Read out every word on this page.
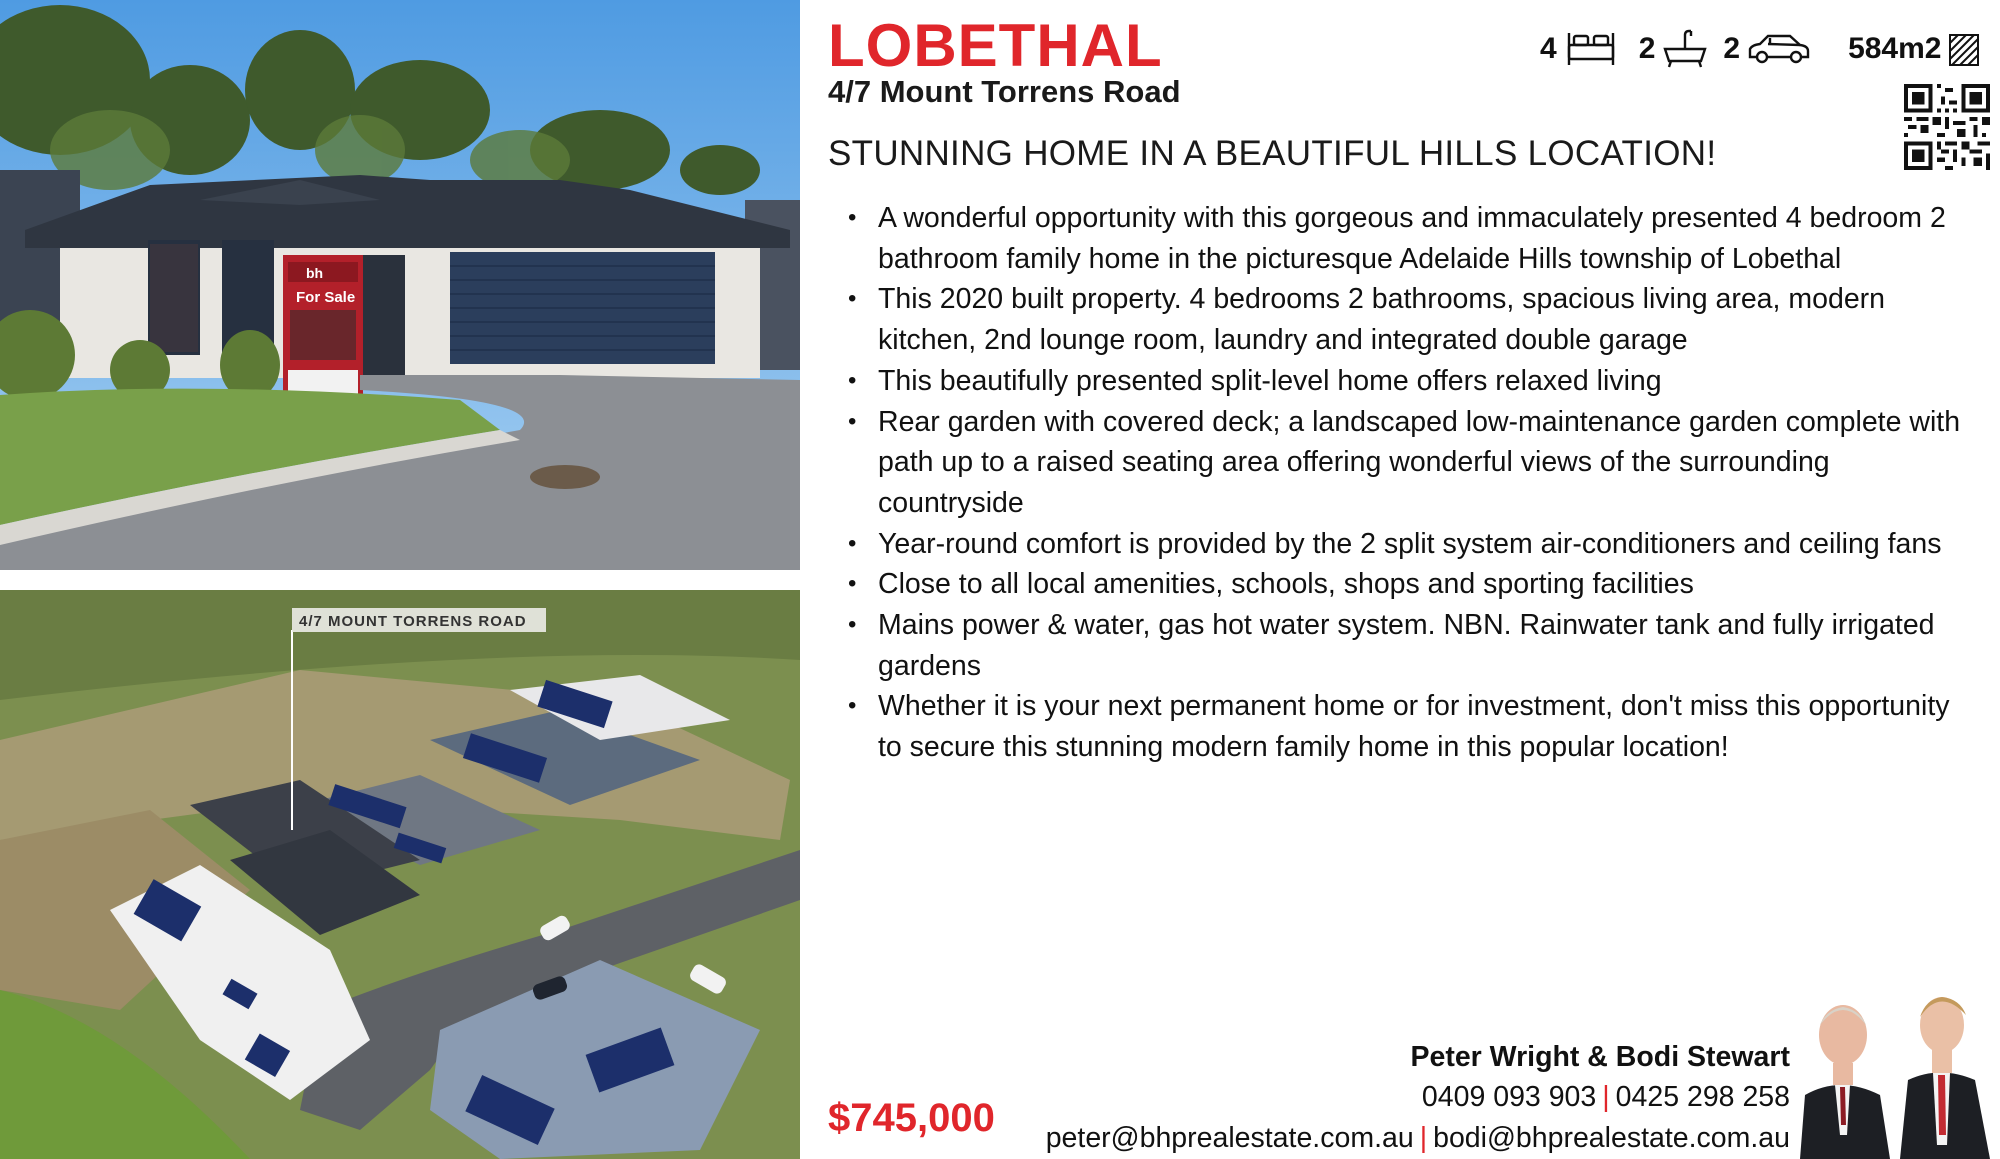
bh
For Sale
4/7 MOUNT TORRENS ROAD
LOBETHAL
4/7 Mount Torrens Road
STUNNING HOME IN A BEAUTIFUL HILLS LOCATION!
4	2 2	584m2
• A wonderful opportunity with this gorgeous and immaculately presented 4 bedroom 2 bathroom family home in the picturesque Adelaide Hills township of Lobethal
• This 2020 built property. 4 bedrooms 2 bathrooms, spacious living area, modern kitchen, 2nd lounge room, laundry and integrated double garage
• This beautifully presented split-level home offers relaxed living
• Rear garden with covered deck; a landscaped low-maintenance garden complete with path up to a raised seating area offering wonderful views of the surrounding countryside
• Year-round comfort is provided by the 2 split system air-conditioners and ceiling fans
• Close to all local amenities, schools, shops and sporting facilities
• Mains power & water, gas hot water system. NBN. Rainwater tank and fully irrigated gardens
• Whether it is your next permanent home or for investment, don't miss this opportunity to secure this stunning modern family home in this popular location!
$745,000
Peter Wright & Bodi Stewart
0409 093 903 | 0425 298 258
peter@bhprealestate.com.au | bodi@bhprealestate.com.au
